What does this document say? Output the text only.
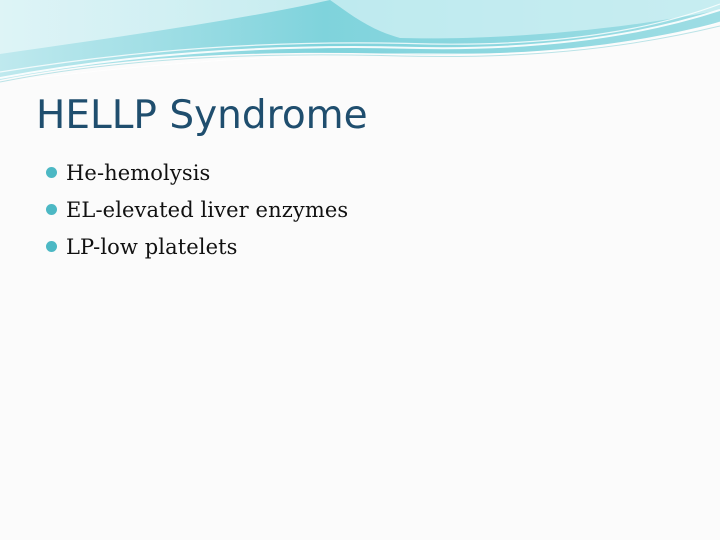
HELLP Syndrome
He-hemolysis
EL-elevated liver enzymes
LP-low platelets
